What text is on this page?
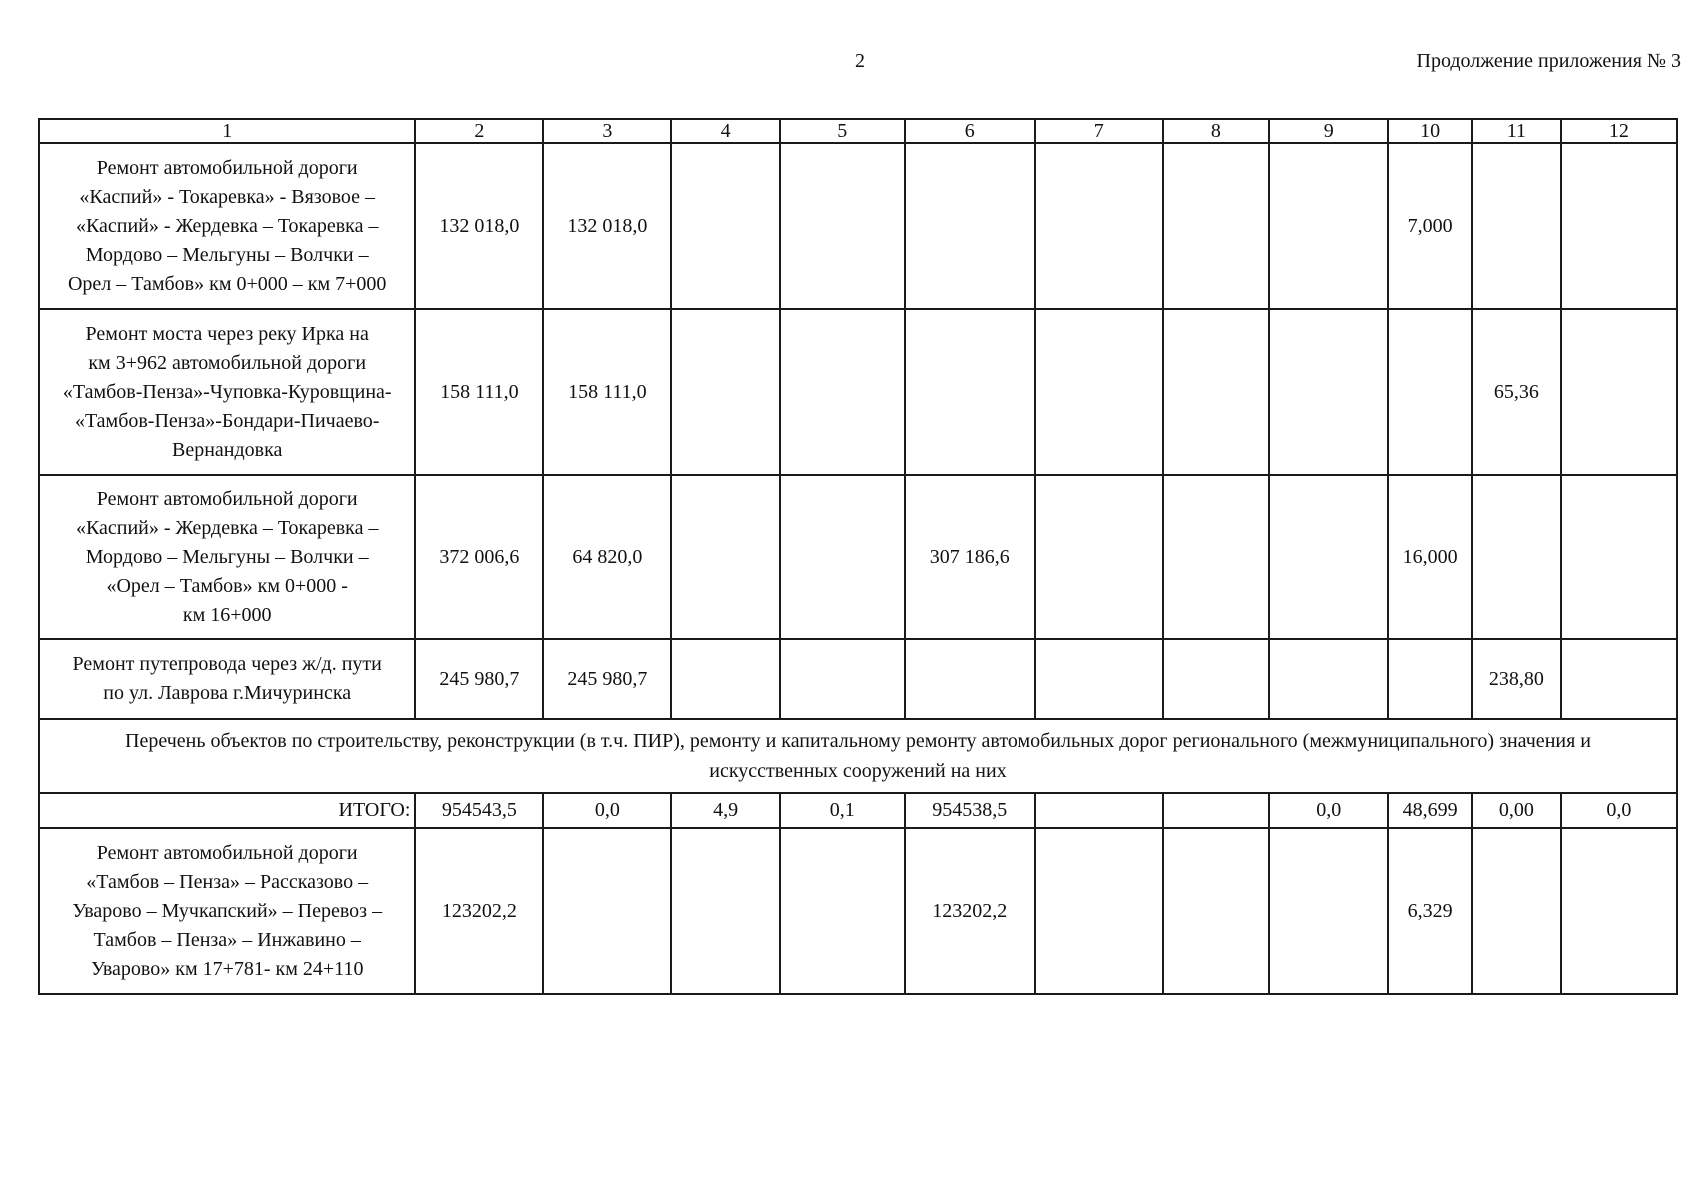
2	Продолжение приложения № 3
1	2	3	4	5	6	7	8	9	10	11	12

Ремонт автомобильной дороги
«Каспий» - Токаревка» - Вязовое –
«Каспий» - Жердевка – Токаревка –
Мордово – Мельгуны – Волчки –
Орел – Тамбов» км 0+000 – км 7+000	132 018,0	132 018,0							7,000		

Ремонт моста через реку Ирка на
км 3+962 автомобильной дороги
«Тамбов-Пенза»-Чуповка-Куровщина-
«Тамбов-Пенза»-Бондари-Пичаево-
Вернандовка	158 111,0	158 111,0								65,36	

Ремонт автомобильной дороги
«Каспий» - Жердевка – Токаревка –
Мордово – Мельгуны – Волчки –
«Орел – Тамбов» км 0+000 -
км 16+000	372 006,6	64 820,0			307 186,6				16,000		

Ремонт путепровода через ж/д. пути
по ул. Лаврова г.Мичуринска	245 980,7	245 980,7								238,80	
Перечень объектов по строительству, реконструкции (в т.ч. ПИР), ремонту и капитальному ремонту автомобильных дорог регионального (межмуниципального) значения и искусственных сооружений на них											
ИТОГО:	954543,5	0,0	4,9	0,1	954538,5			0,0	48,699	0,00	0,0

Ремонт автомобильной дороги
«Тамбов – Пенза» – Рассказово –
Уварово – Мучкапский» – Перевоз –
Тамбов – Пенза» – Инжавино –
Уварово» км 17+781- км 24+110	123202,2				123202,2				6,329		
